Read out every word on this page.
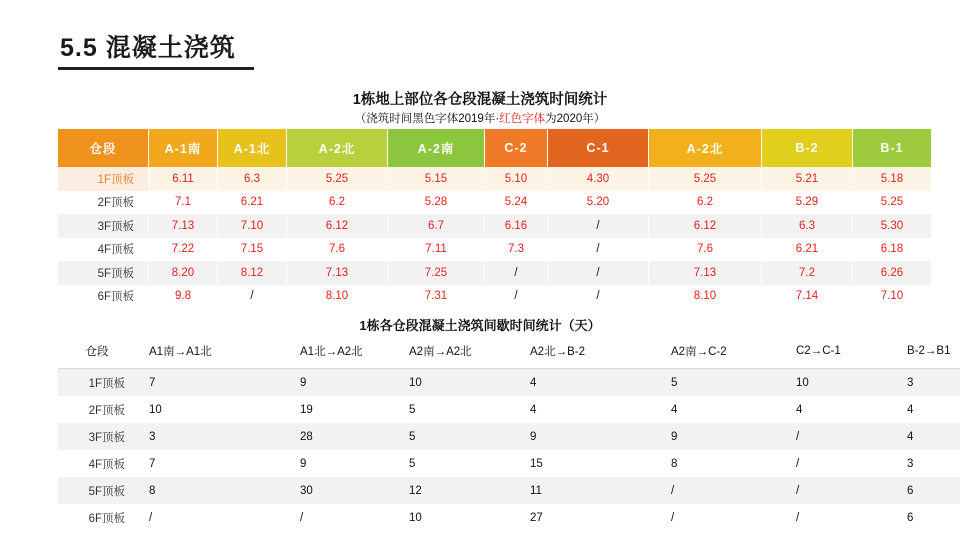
5.5 混凝土浇筑
1栋地上部位各仓段混凝土浇筑时间统计
（浇筑时间黑色字体2019年·红色字体为2020年）
仓段	A-1南	A-1北	A-2北	A-2南	C-2	C-1	A-2北	B-2	B-1
1F顶板	6.11	6.3	5.25	5.15	5.10	4.30	5.25	5.21	5.18
2F顶板	7.1	6.21	6.2	5.28	5.24	5.20	6.2	5.29	5.25
3F顶板	7.13	7.10	6.12	6.7	6.16	/	6.12	6.3	5.30
4F顶板	7.22	7.15	7.6	7.11	7.3	/	7.6	6.21	6.18
5F顶板	8.20	8.12	7.13	7.25	/	/	7.13	7.2	6.26
6F顶板	9.8	/	8.10	7.31	/	/	8.10	7.14	7.10
1栋各仓段混凝土浇筑间歇时间统计（天）
仓段	A1南→A1北	A1北→A2北	A2南→A2北	A2北→B-2	A2南→C-2	C2→C-1	B-2→B1
1F顶板	7	9	10	4	5	10	3
2F顶板	10	19	5	4	4	4	4
3F顶板	3	28	5	9	9	/	4
4F顶板	7	9	5	15	8	/	3
5F顶板	8	30	12	11	/	/	6
6F顶板	/	/	10	27	/	/	6
